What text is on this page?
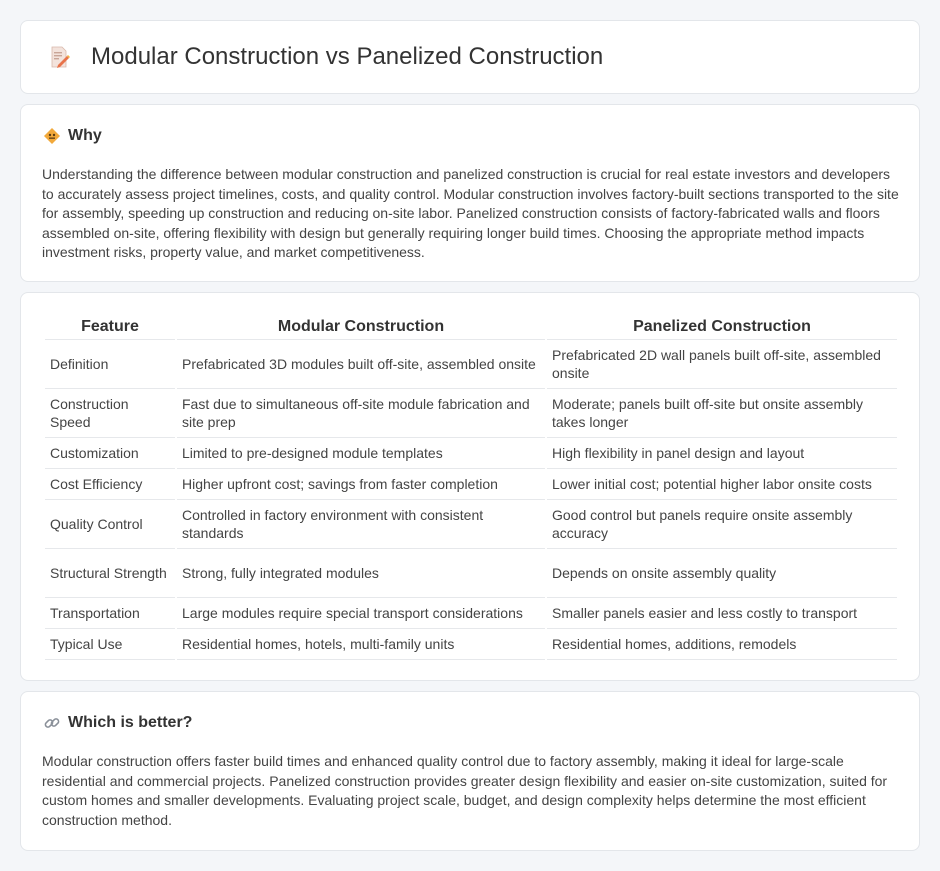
Modular Construction vs Panelized Construction
Why

Understanding the difference between modular construction and panelized construction is crucial for real estate investors and developers to accurately assess project timelines, costs, and quality control. Modular construction involves factory-built sections transported to the site for assembly, speeding up construction and reducing on-site labor. Panelized construction consists of factory-fabricated walls and floors assembled on-site, offering flexibility with design but generally requiring longer build times. Choosing the appropriate method impacts investment risks, property value, and market competitiveness.

Feature	Modular Construction	Panelized Construction
Definition	Prefabricated 3D modules built off-site, assembled onsite	Prefabricated 2D wall panels built off-site, assembled onsite
Construction Speed	Fast due to simultaneous off-site module fabrication and site prep	Moderate; panels built off-site but onsite assembly takes longer
Customization	Limited to pre-designed module templates	High flexibility in panel design and layout
Cost Efficiency	Higher upfront cost; savings from faster completion	Lower initial cost; potential higher labor onsite costs
Quality Control	Controlled in factory environment with consistent standards	Good control but panels require onsite assembly accuracy
Structural Strength	Strong, fully integrated modules	Depends on onsite assembly quality
Transportation	Large modules require special transport considerations	Smaller panels easier and less costly to transport
Typical Use	Residential homes, hotels, multi-family units	Residential homes, additions, remodels
Which is better?

Modular construction offers faster build times and enhanced quality control due to factory assembly, making it ideal for large-scale residential and commercial projects. Panelized construction provides greater design flexibility and easier on-site customization, suited for custom homes and smaller developments. Evaluating project scale, budget, and design complexity helps determine the most efficient construction method.
